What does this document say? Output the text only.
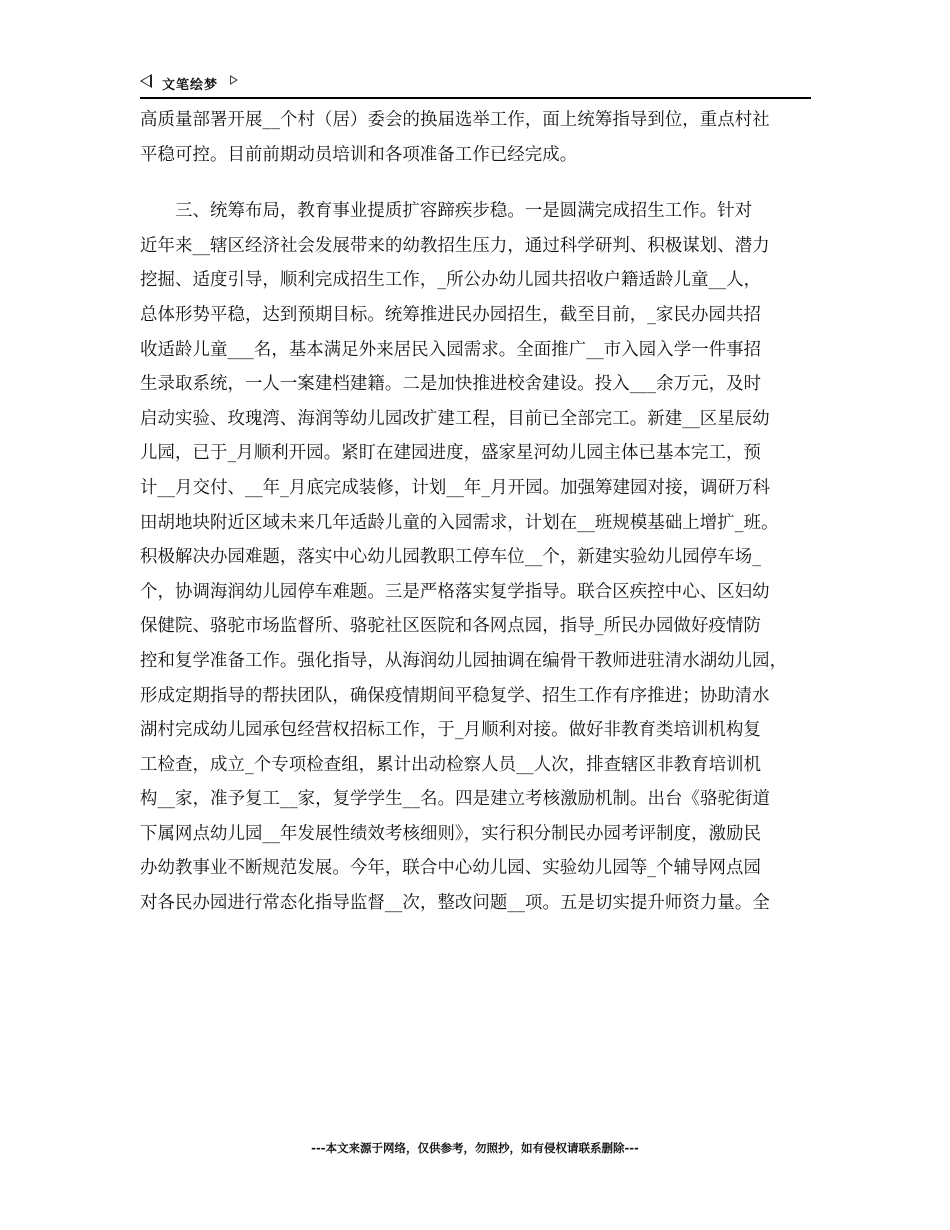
文笔绘梦
高质量部署开展__个村（居）委会的换届选举工作，面上统筹指导到位，重点村社
平稳可控。目前前期动员培训和各项准备工作已经完成。
三、统筹布局，教育事业提质扩容蹄疾步稳。一是圆满完成招生工作。针对
近年来__辖区经济社会发展带来的幼教招生压力，通过科学研判、积极谋划、潜力
挖掘、适度引导，顺利完成招生工作，_所公办幼儿园共招收户籍适龄儿童__人，
总体形势平稳，达到预期目标。统筹推进民办园招生，截至目前，_家民办园共招
收适龄儿童___名，基本满足外来居民入园需求。全面推广__市入园入学一件事招
生录取系统，一人一案建档建籍。二是加快推进校舍建设。投入___余万元，及时
启动实验、玫瑰湾、海润等幼儿园改扩建工程，目前已全部完工。新建__区星辰幼
儿园，已于_月顺利开园。紧盯在建园进度，盛家星河幼儿园主体已基本完工，预
计__月交付、__年_月底完成装修，计划__年_月开园。加强筹建园对接，调研万科
田胡地块附近区域未来几年适龄儿童的入园需求，计划在__班规模基础上增扩_班。
积极解决办园难题，落实中心幼儿园教职工停车位__个，新建实验幼儿园停车场_
个，协调海润幼儿园停车难题。三是严格落实复学指导。联合区疾控中心、区妇幼
保健院、骆驼市场监督所、骆驼社区医院和各网点园，指导_所民办园做好疫情防
控和复学准备工作。强化指导，从海润幼儿园抽调在编骨干教师进驻清水湖幼儿园，
形成定期指导的帮扶团队，确保疫情期间平稳复学、招生工作有序推进；协助清水
湖村完成幼儿园承包经营权招标工作，于_月顺利对接。做好非教育类培训机构复
工检查，成立_个专项检查组，累计出动检察人员__人次，排查辖区非教育培训机
构__家，准予复工__家，复学学生__名。四是建立考核激励机制。出台《骆驼街道
下属网点幼儿园__年发展性绩效考核细则》，实行积分制民办园考评制度，激励民
办幼教事业不断规范发展。今年，联合中心幼儿园、实验幼儿园等_个辅导网点园
对各民办园进行常态化指导监督__次，整改问题__项。五是切实提升师资力量。全
---本文来源于网络，仅供参考，勿照抄，如有侵权请联系删除---
